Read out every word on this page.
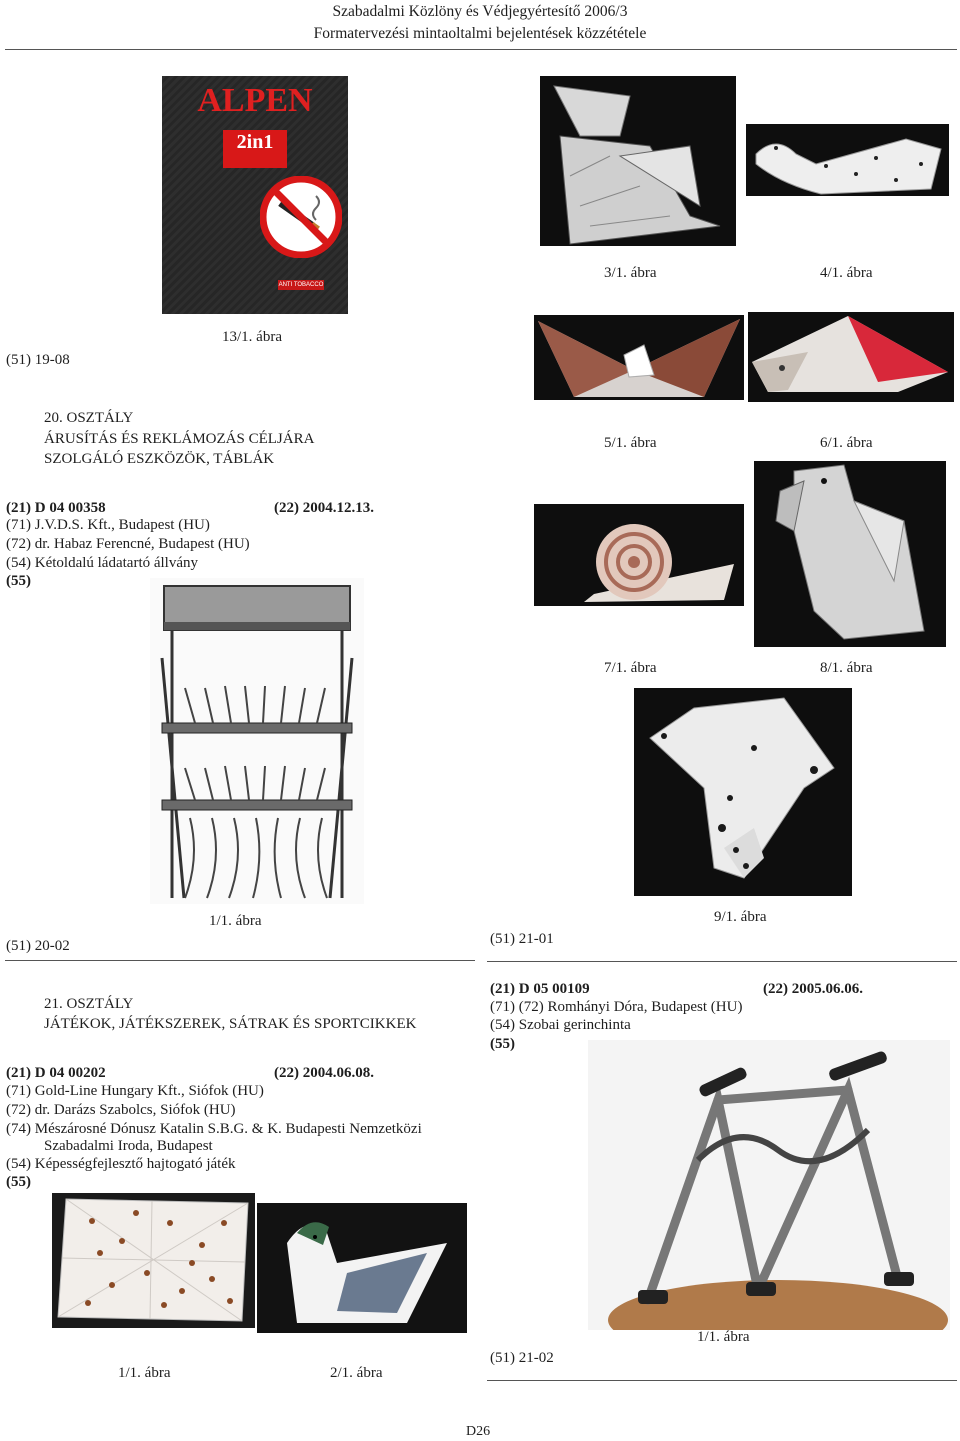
Szabadalmi Közlöny és Védjegyértesítő 2006/3
Formatervezési mintaoltalmi bejelentések közzététele
ALPEN
2in1
ANTI TOBACCO
13/1. ábra
(51) 19-08
20. OSZTÁLY
ÁRUSÍTÁS ÉS REKLÁMOZÁS CÉLJÁRA
SZOLGÁLÓ ESZKÖZÖK, TÁBLÁK
(21) D 04 00358	(22) 2004.12.13.
(71) J.V.D.S. Kft., Budapest (HU)
(72) dr. Habaz Ferencné, Budapest (HU)
(54) Kétoldalú ládatartó állvány
(55)
1/1. ábra
(51) 20-02
21. OSZTÁLY
JÁTÉKOK, JÁTÉKSZEREK, SÁTRAK ÉS SPORTCIKKEK
(21) D 04 00202	(22) 2004.06.08.
(71) Gold-Line Hungary Kft., Siófok (HU)
(72) dr. Darázs Szabolcs, Siófok (HU)
(74) Mészárosné Dónusz Katalin S.B.G. & K. Budapesti Nemzetközi
Szabadalmi Iroda, Budapest
(54) Képességfejlesztő hajtogató játék
(55)
1/1. ábra	2/1. ábra
3/1. ábra	4/1. ábra
5/1. ábra	6/1. ábra
7/1. ábra	8/1. ábra
9/1. ábra
(51) 21-01
(21) D 05 00109	(22) 2005.06.06.
(71) (72) Romhányi Dóra, Budapest (HU)
(54) Szobai gerinchinta
(55)
1/1. ábra
(51) 21-02
D26
